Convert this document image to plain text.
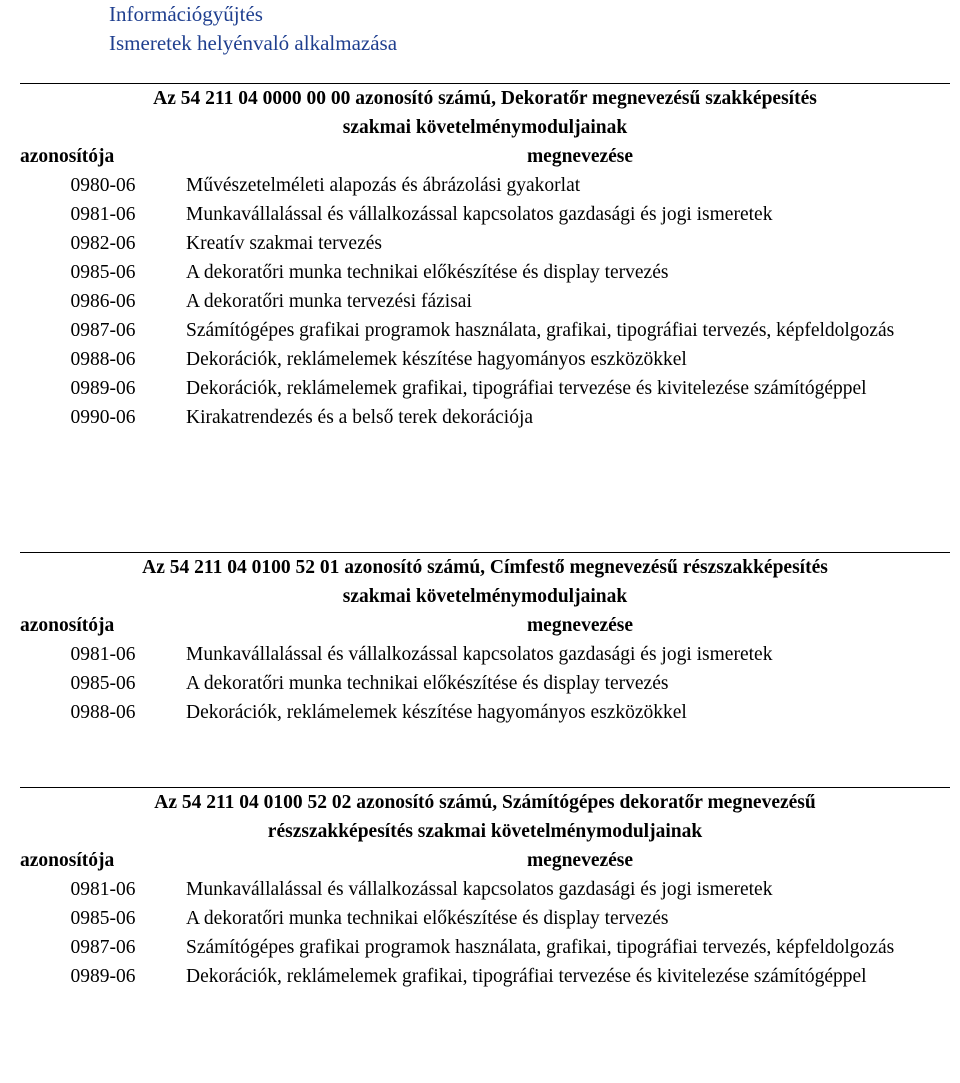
Információgyűjtés
Ismeretek helyénvaló alkalmazása
Az 54 211 04 0000 00 00 azonosító számú, Dekoratőr megnevezésű szakképesítés
szakmai követelménymoduljainak
azonosítója	megnevezése
0980-06	Művészetelméleti alapozás és ábrázolási gyakorlat
0981-06	Munkavállalással és vállalkozással kapcsolatos gazdasági és jogi ismeretek
0982-06	Kreatív szakmai tervezés
0985-06	A dekoratőri munka technikai előkészítése és display tervezés
0986-06	A dekoratőri munka tervezési fázisai
0987-06	Számítógépes grafikai programok használata, grafikai, tipográfiai tervezés, képfeldolgozás
0988-06	Dekorációk, reklámelemek készítése hagyományos eszközökkel
0989-06	Dekorációk, reklámelemek grafikai, tipográfiai tervezése és kivitelezése számítógéppel
0990-06	Kirakatrendezés és a belső terek dekorációja
Az 54 211 04 0100 52 01 azonosító számú, Címfestő megnevezésű részszakképesítés
szakmai követelménymoduljainak
azonosítója	megnevezése
0981-06	Munkavállalással és vállalkozással kapcsolatos gazdasági és jogi ismeretek
0985-06	A dekoratőri munka technikai előkészítése és display tervezés
0988-06	Dekorációk, reklámelemek készítése hagyományos eszközökkel
Az 54 211 04 0100 52 02 azonosító számú, Számítógépes dekoratőr megnevezésű
részszakképesítés szakmai követelménymoduljainak
azonosítója	megnevezése
0981-06	Munkavállalással és vállalkozással kapcsolatos gazdasági és jogi ismeretek
0985-06	A dekoratőri munka technikai előkészítése és display tervezés
0987-06	Számítógépes grafikai programok használata, grafikai, tipográfiai tervezés, képfeldolgozás
0989-06	Dekorációk, reklámelemek grafikai, tipográfiai tervezése és kivitelezése számítógéppel
